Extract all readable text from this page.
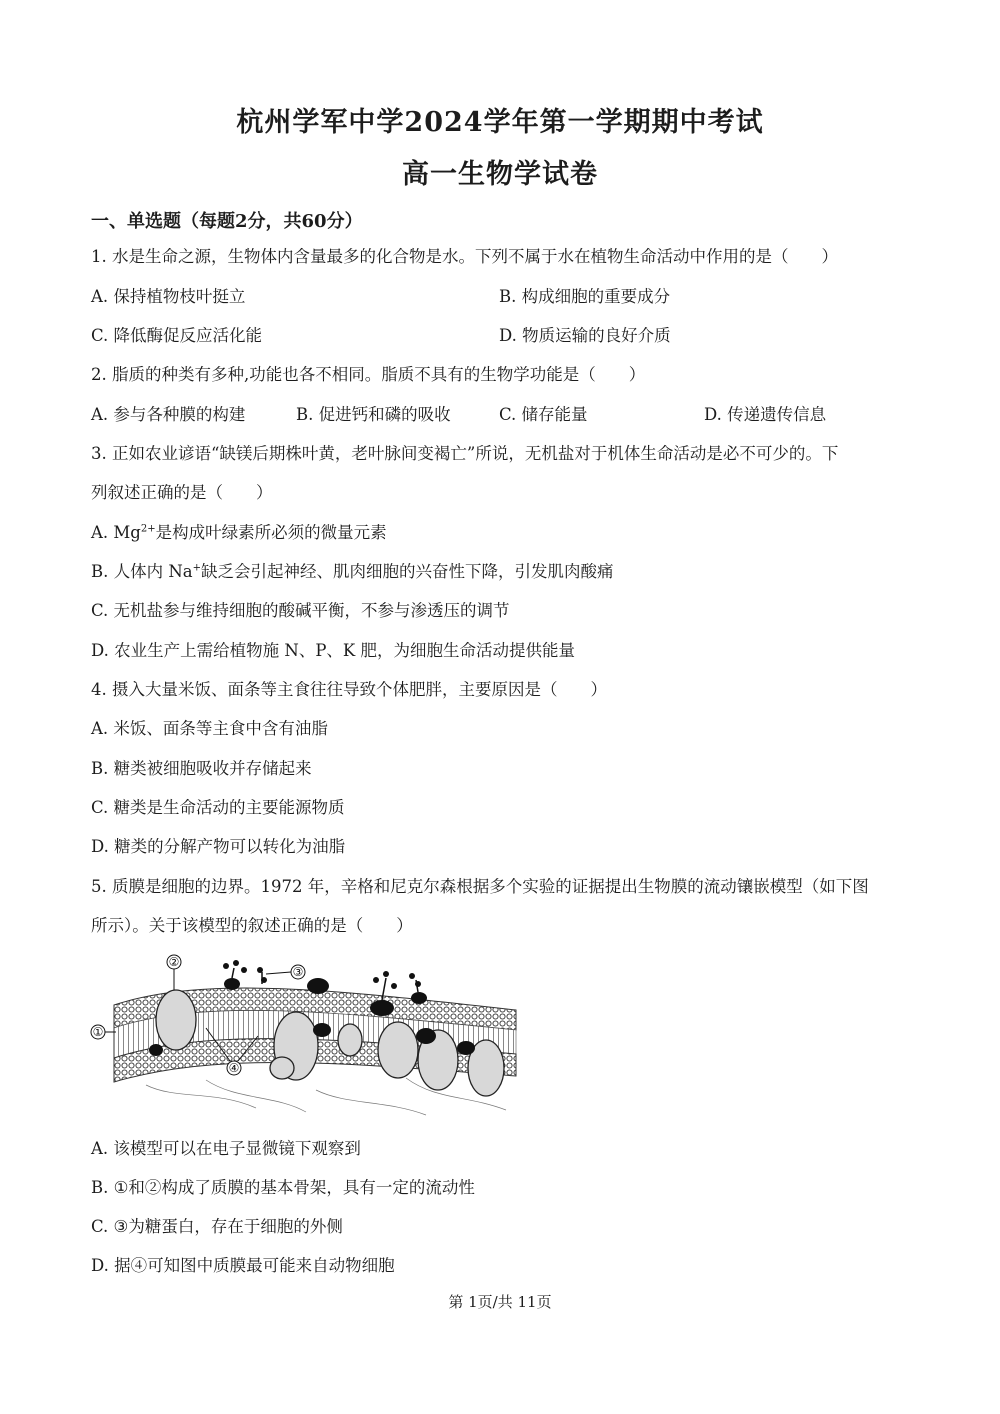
杭州学军中学2024学年第一学期期中考试
高一生物学试卷

一、单选题（每题2分，共60分）

1. 水是生命之源，生物体内含量最多的化合物是水。下列不属于水在植物生命活动中作用的是（　　）

A. 保持植物枝叶挺立	B. 构成细胞的重要成分
C. 降低酶促反应活化能	D. 物质运输的良好介质

2. 脂质的种类有多种,功能也各不相同。脂质不具有的生物学功能是（　　）

A. 参与各种膜的构建	B. 促进钙和磷的吸收	C. 储存能量	D. 传递遗传信息

3. 正如农业谚语“缺镁后期株叶黄，老叶脉间变褐亡”所说，无机盐对于机体生命活动是必不可少的。下

列叙述正确的是（　　）

A. $Mg^{2+}$是构成叶绿素所必须的微量元素

B. 人体内 Na+缺乏会引起神经、肌肉细胞的兴奋性下降，引发肌肉酸痛

C. 无机盐参与维持细胞的酸碱平衡，不参与渗透压的调节

D. 农业生产上需给植物施 N、P、K 肥，为细胞生命活动提供能量

4. 摄入大量米饭、面条等主食往往导致个体肥胖，主要原因是（　　）

A. 米饭、面条等主食中含有油脂

B. 糖类被细胞吸收并存储起来

C. 糖类是生命活动的主要能源物质

D. 糖类的分解产物可以转化为油脂

5. 质膜是细胞的边界。1972 年，辛格和尼克尔森根据多个实验的证据提出生物膜的流动镶嵌模型（如下图

所示）。关于该模型的叙述正确的是（　　）

①
②
③
④

A. 该模型可以在电子显微镜下观察到

B. ①和②构成了质膜的基本骨架，具有一定的流动性

C. ③为糖蛋白，存在于细胞的外侧

D. 据④可知图中质膜最可能来自动物细胞

第 1页/共 11页
